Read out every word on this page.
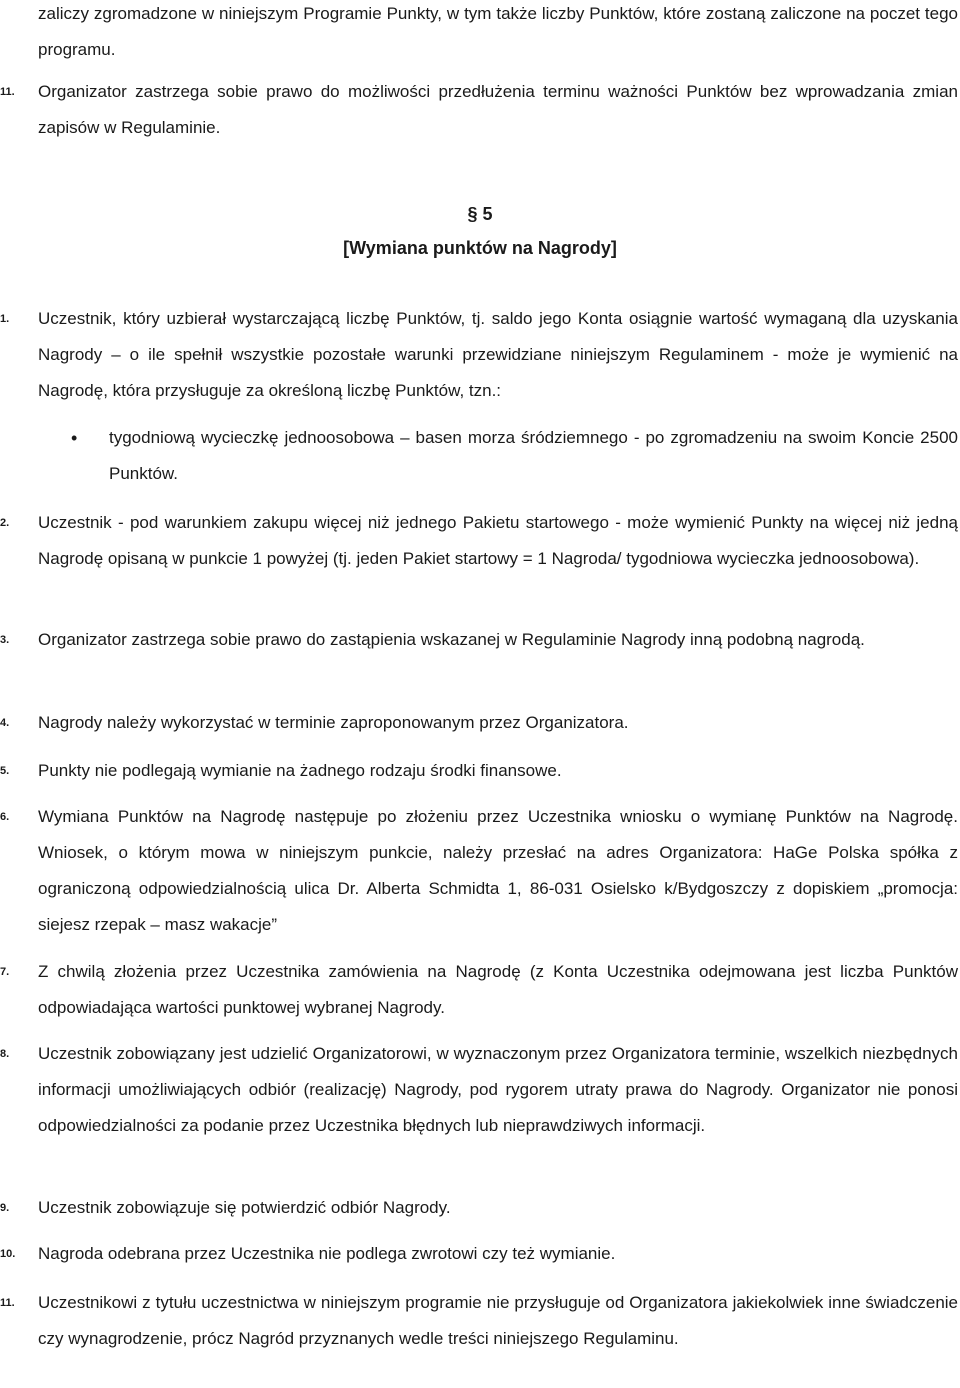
zaliczy zgromadzone w niniejszym Programie Punkty, w tym także liczby Punktów, które zostaną zaliczone na poczet tego programu.

11.	Organizator zastrzega sobie prawo do możliwości przedłużenia terminu ważności Punktów bez wprowadzania zmian zapisów w Regulaminie.
§ 5
[Wymiana punktów na Nagrody]
1.	Uczestnik, który uzbierał wystarczającą liczbę Punktów, tj. saldo jego Konta osiągnie wartość wymaganą dla uzyskania Nagrody – o ile spełnił wszystkie pozostałe warunki przewidziane niniejszym Regulaminem - może je wymienić na Nagrodę, która przysługuje za określoną liczbę Punktów, tzn.:
• tygodniową wycieczkę jednoosobowa – basen morza śródziemnego - po zgromadzeniu na swoim Koncie 2500 Punktów.
2.	Uczestnik - pod warunkiem zakupu więcej niż jednego Pakietu startowego - może wymienić Punkty na więcej niż jedną Nagrodę opisaną w punkcie 1 powyżej (tj. jeden Pakiet startowy = 1 Nagroda/ tygodniowa wycieczka jednoosobowa).
3.	Organizator zastrzega sobie prawo do zastąpienia wskazanej w Regulaminie Nagrody inną podobną nagrodą.
4.	Nagrody należy wykorzystać w terminie zaproponowanym przez Organizatora.
5.	Punkty nie podlegają wymianie na żadnego rodzaju środki finansowe.
6.	Wymiana Punktów na Nagrodę następuje po złożeniu przez Uczestnika wniosku o wymianę Punktów na Nagrodę. Wniosek, o którym mowa w niniejszym punkcie, należy przesłać na adres Organizatora: HaGe Polska spółka z ograniczoną odpowiedzialnością ulica Dr. Alberta Schmidta 1, 86-031 Osielsko k/Bydgoszczy z dopiskiem „promocja: siejesz rzepak – masz wakacje”
7.	Z chwilą złożenia przez Uczestnika zamówienia na Nagrodę (z Konta Uczestnika odejmowana jest liczba Punktów odpowiadająca wartości punktowej wybranej Nagrody.
8.	Uczestnik zobowiązany jest udzielić Organizatorowi, w wyznaczonym przez Organizatora terminie, wszelkich niezbędnych informacji umożliwiających odbiór (realizację) Nagrody, pod rygorem utraty prawa do Nagrody. Organizator nie ponosi odpowiedzialności za podanie przez Uczestnika błędnych lub nieprawdziwych informacji.
9.	Uczestnik zobowiązuje się potwierdzić odbiór Nagrody.
10.	Nagroda odebrana przez Uczestnika nie podlega zwrotowi czy też wymianie.
11.	Uczestnikowi z tytułu uczestnictwa w niniejszym programie nie przysługuje od Organizatora jakiekolwiek inne świadczenie czy wynagrodzenie, prócz Nagród przyznanych wedle treści niniejszego Regulaminu.
